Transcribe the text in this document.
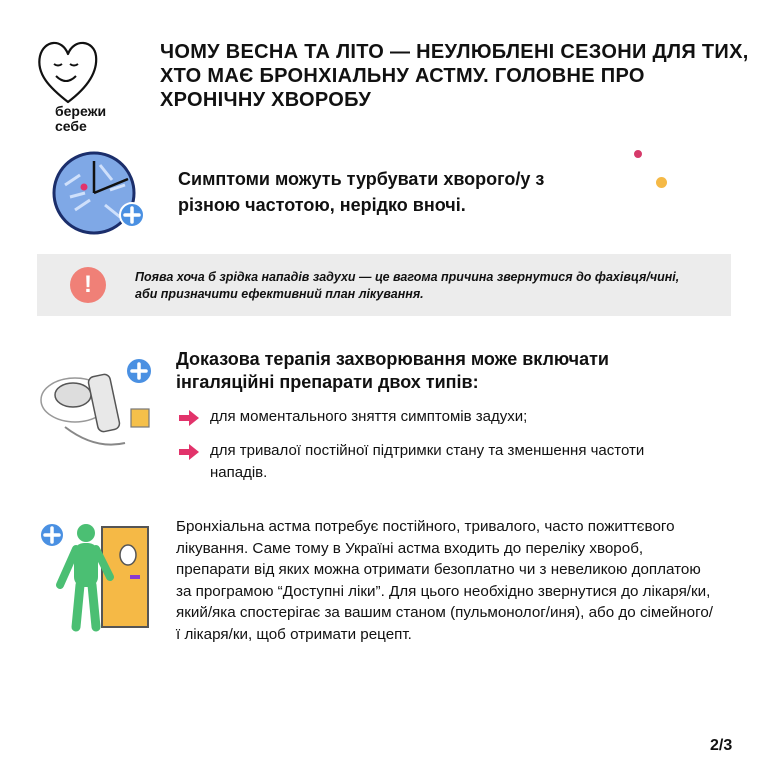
бережи
себе
ЧОМУ ВЕСНА ТА ЛІТО — НЕУЛЮБЛЕНІ СЕЗОНИ ДЛЯ ТИХ, ХТО МАЄ БРОНХІАЛЬНУ АСТМУ. ГОЛОВНЕ ПРО ХРОНІЧНУ ХВОРОБУ
Симптоми можуть турбувати хворого/у з різною частотою, нерідко вночі.
!	Поява хоча б зрідка нападів задухи — це вагома причина звернутися до фахівця/чині, аби призначити ефективний план лікування.
Доказова терапія захворювання може включати інгаляційні препарати двох типів:
для моментального зняття симптомів задухи;
для тривалої постійної підтримки стану та зменшення частоти нападів.
Бронхіальна астма потребує постійного, тривалого, часто пожиттєвого лікування. Саме тому в Україні астма входить до переліку хвороб, препарати від яких можна отримати безоплатно чи з невеликою доплатою за програмою “Доступні ліки”. Для цього необхідно звернутися до лікаря/ки, який/яка спостерігає за вашим станом (пульмонолог/иня), або до сімейного/ї лікаря/ки, щоб отримати рецепт.
2/3
